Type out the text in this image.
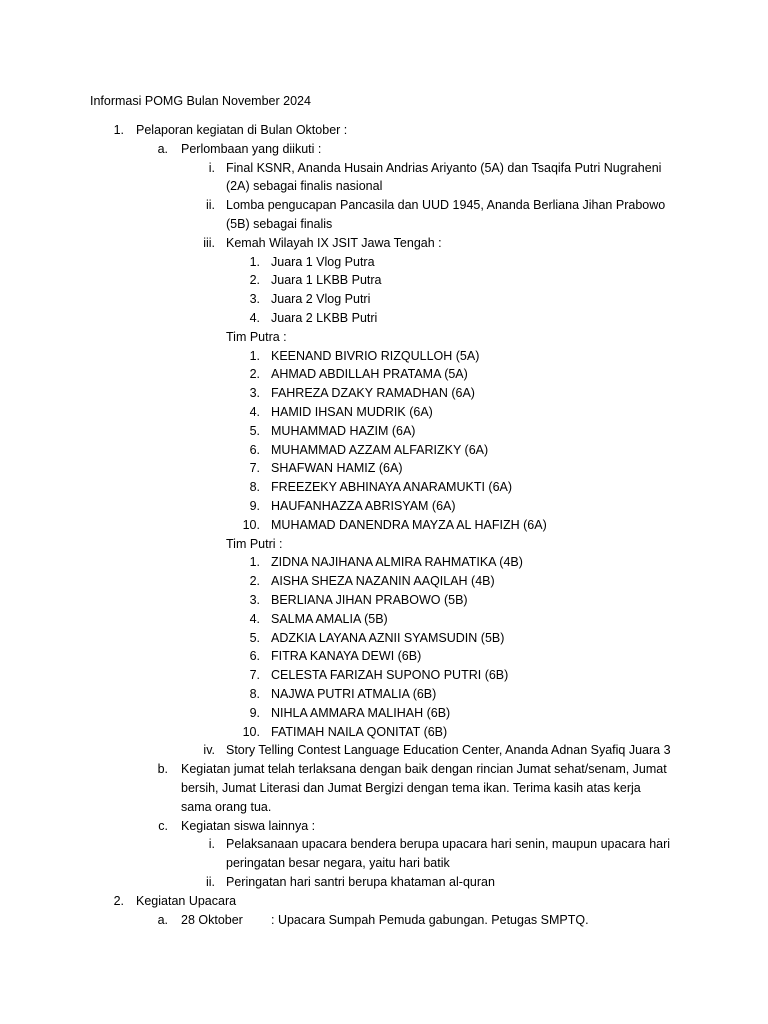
Informasi POMG Bulan November 2024
1. Pelaporan kegiatan di Bulan Oktober :
a. Perlombaan yang diikuti :
i. Final KSNR, Ananda Husain Andrias Ariyanto (5A) dan Tsaqifa Putri Nugraheni (2A) sebagai finalis nasional
ii. Lomba pengucapan Pancasila dan UUD 1945, Ananda Berliana Jihan Prabowo (5B) sebagai finalis
iii. Kemah Wilayah IX JSIT Jawa Tengah :
1. Juara 1 Vlog Putra
2. Juara 1 LKBB Putra
3. Juara 2 Vlog Putri
4. Juara 2 LKBB Putri
Tim Putra :
1. KEENAND BIVRIO RIZQULLOH (5A)
2. AHMAD ABDILLAH PRATAMA (5A)
3. FAHREZA DZAKY RAMADHAN (6A)
4. HAMID IHSAN MUDRIK (6A)
5. MUHAMMAD HAZIM (6A)
6. MUHAMMAD AZZAM ALFARIZKY (6A)
7. SHAFWAN HAMIZ (6A)
8. FREEZEKY ABHINAYA ANARAMUKTI (6A)
9. HAUFANHAZZA ABRISYAM (6A)
10. MUHAMAD DANENDRA MAYZA AL HAFIZH (6A)
Tim Putri :
1. ZIDNA NAJIHANA ALMIRA RAHMATIKA (4B)
2. AISHA SHEZA NAZANIN AAQILAH (4B)
3. BERLIANA JIHAN PRABOWO (5B)
4. SALMA AMALIA (5B)
5. ADZKIA LAYANA AZNII SYAMSUDIN (5B)
6. FITRA KANAYA DEWI (6B)
7. CELESTA FARIZAH SUPONO PUTRI (6B)
8. NAJWA PUTRI ATMALIA (6B)
9. NIHLA AMMARA MALIHAH (6B)
10. FATIMAH NAILA QONITAT (6B)
iv. Story Telling Contest Language Education Center, Ananda Adnan Syafiq Juara 3
b. Kegiatan jumat telah terlaksana dengan baik dengan rincian Jumat sehat/senam, Jumat bersih, Jumat Literasi dan Jumat Bergizi dengan tema ikan. Terima kasih atas kerja sama orang tua.
c. Kegiatan siswa lainnya :
i. Pelaksanaan upacara bendera berupa upacara hari senin, maupun upacara hari peringatan besar negara, yaitu hari batik
ii. Peringatan hari santri berupa khataman al-quran
2. Kegiatan Upacara
a. 28 Oktober : Upacara Sumpah Pemuda gabungan. Petugas SMPTQ.
